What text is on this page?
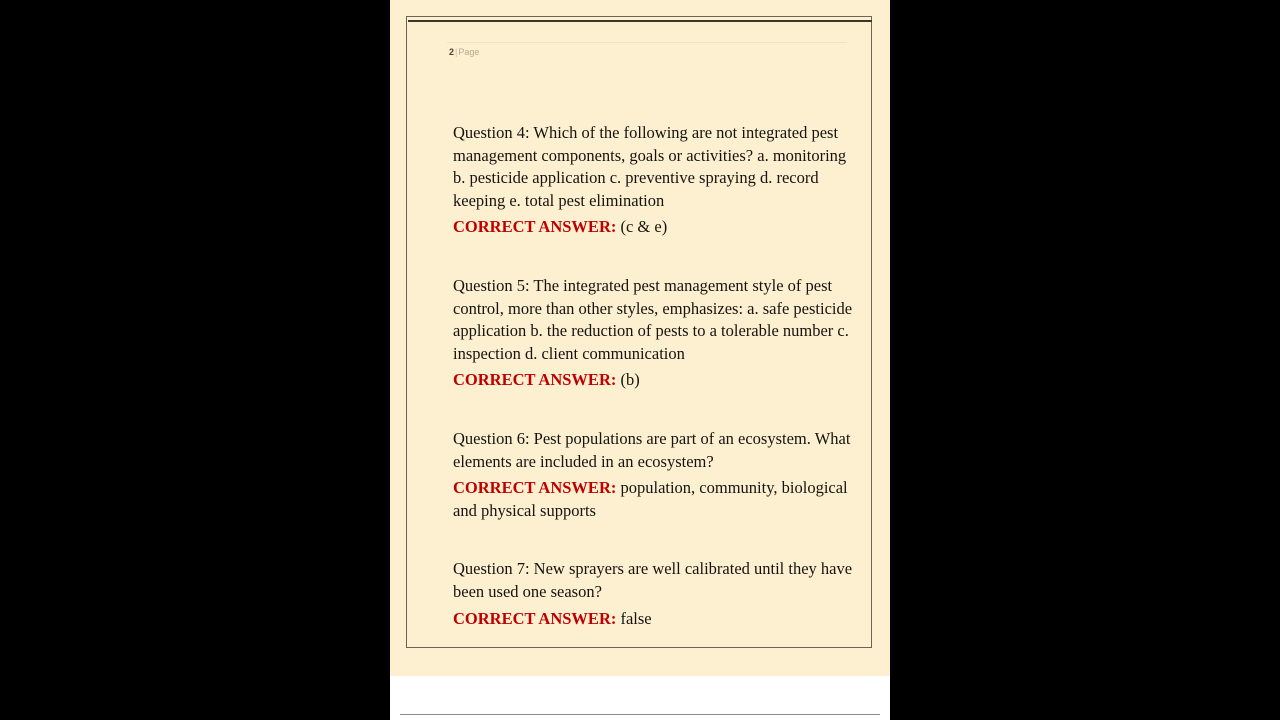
2|Page

Question 4: Which of the following are not integrated pest management components, goals or activities? a. monitoring b. pesticide application c. preventive spraying d. record keeping e. total pest elimination

CORRECT ANSWER: (c & e)

Question 5: The integrated pest management style of pest control, more than other styles, emphasizes: a. safe pesticide application b. the reduction of pests to a tolerable number c. inspection d. client communication

CORRECT ANSWER: (b)

Question 6: Pest populations are part of an ecosystem. What elements are included in an ecosystem?

CORRECT ANSWER: population, community, biological and physical supports

Question 7: New sprayers are well calibrated until they have been used one season?

CORRECT ANSWER: false
